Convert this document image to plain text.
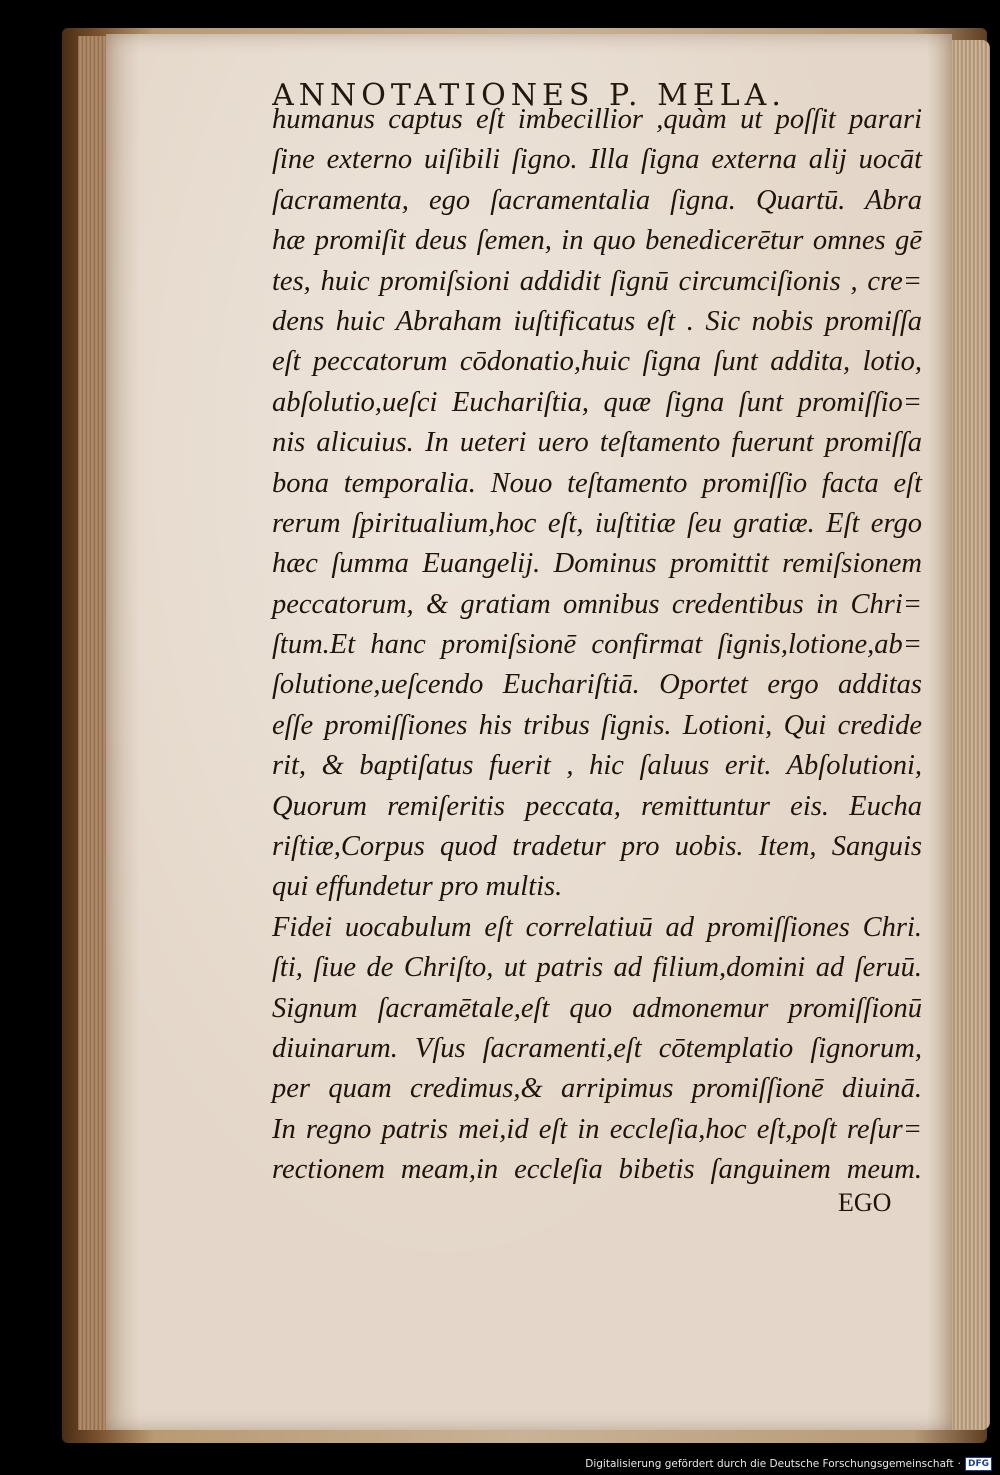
ANNOTATIONES P. MELA.
humanus captus eſt imbecillior ,quàm ut poſſit parari
ſine externo uiſibili ſigno. Illa ſigna externa alij uocāt
ſacramenta, ego ſacramentalia ſigna. Quartū. Abra
hæ promiſit deus ſemen, in quo benedicerētur omnes gē
tes, huic promiſsioni addidit ſignū circumciſionis , cre=
dens huic Abraham iuſtificatus eſt . Sic nobis promiſſa
eſt peccatorum cōdonatio,huic ſigna ſunt addita, lotio,
abſolutio,ueſci Euchariſtia, quæ ſigna ſunt promiſſio=
nis alicuius. In ueteri uero teſtamento fuerunt promiſſa
bona temporalia. Nouo teſtamento promiſſio facta eſt
rerum ſpiritualium,hoc eſt, iuſtitiæ ſeu gratiæ. Eſt ergo
hæc ſumma Euangelij. Dominus promittit remiſsionem
peccatorum, & gratiam omnibus credentibus in Chri=
ſtum.Et hanc promiſsionē confirmat ſignis,lotione,ab=
ſolutione,ueſcendo Euchariſtiā. Oportet ergo additas
eſſe promiſſiones his tribus ſignis. Lotioni, Qui credide
rit, & baptiſatus fuerit , hic ſaluus erit. Abſolutioni,
Quorum remiſeritis peccata, remittuntur eis. Eucha
riſtiæ,Corpus quod tradetur pro uobis. Item, Sanguis
qui effundetur pro multis.
Fidei uocabulum eſt correlatiuū ad promiſſiones Chri.
ſti, ſiue de Chriſto, ut patris ad filium,domini ad ſeruū.
Signum ſacramētale,eſt quo admonemur promiſſionū
diuinarum. Vſus ſacramenti,eſt cōtemplatio ſignorum,
per quam credimus,& arripimus promiſſionē diuinā.
In regno patris mei,id eſt in eccleſia,hoc eſt,poſt reſur=
rectionem meam,in eccleſia bibetis ſanguinem meum.
EGO
Digitalisierung gefördert durch die Deutsche Forschungsgemeinschaft · DFG
